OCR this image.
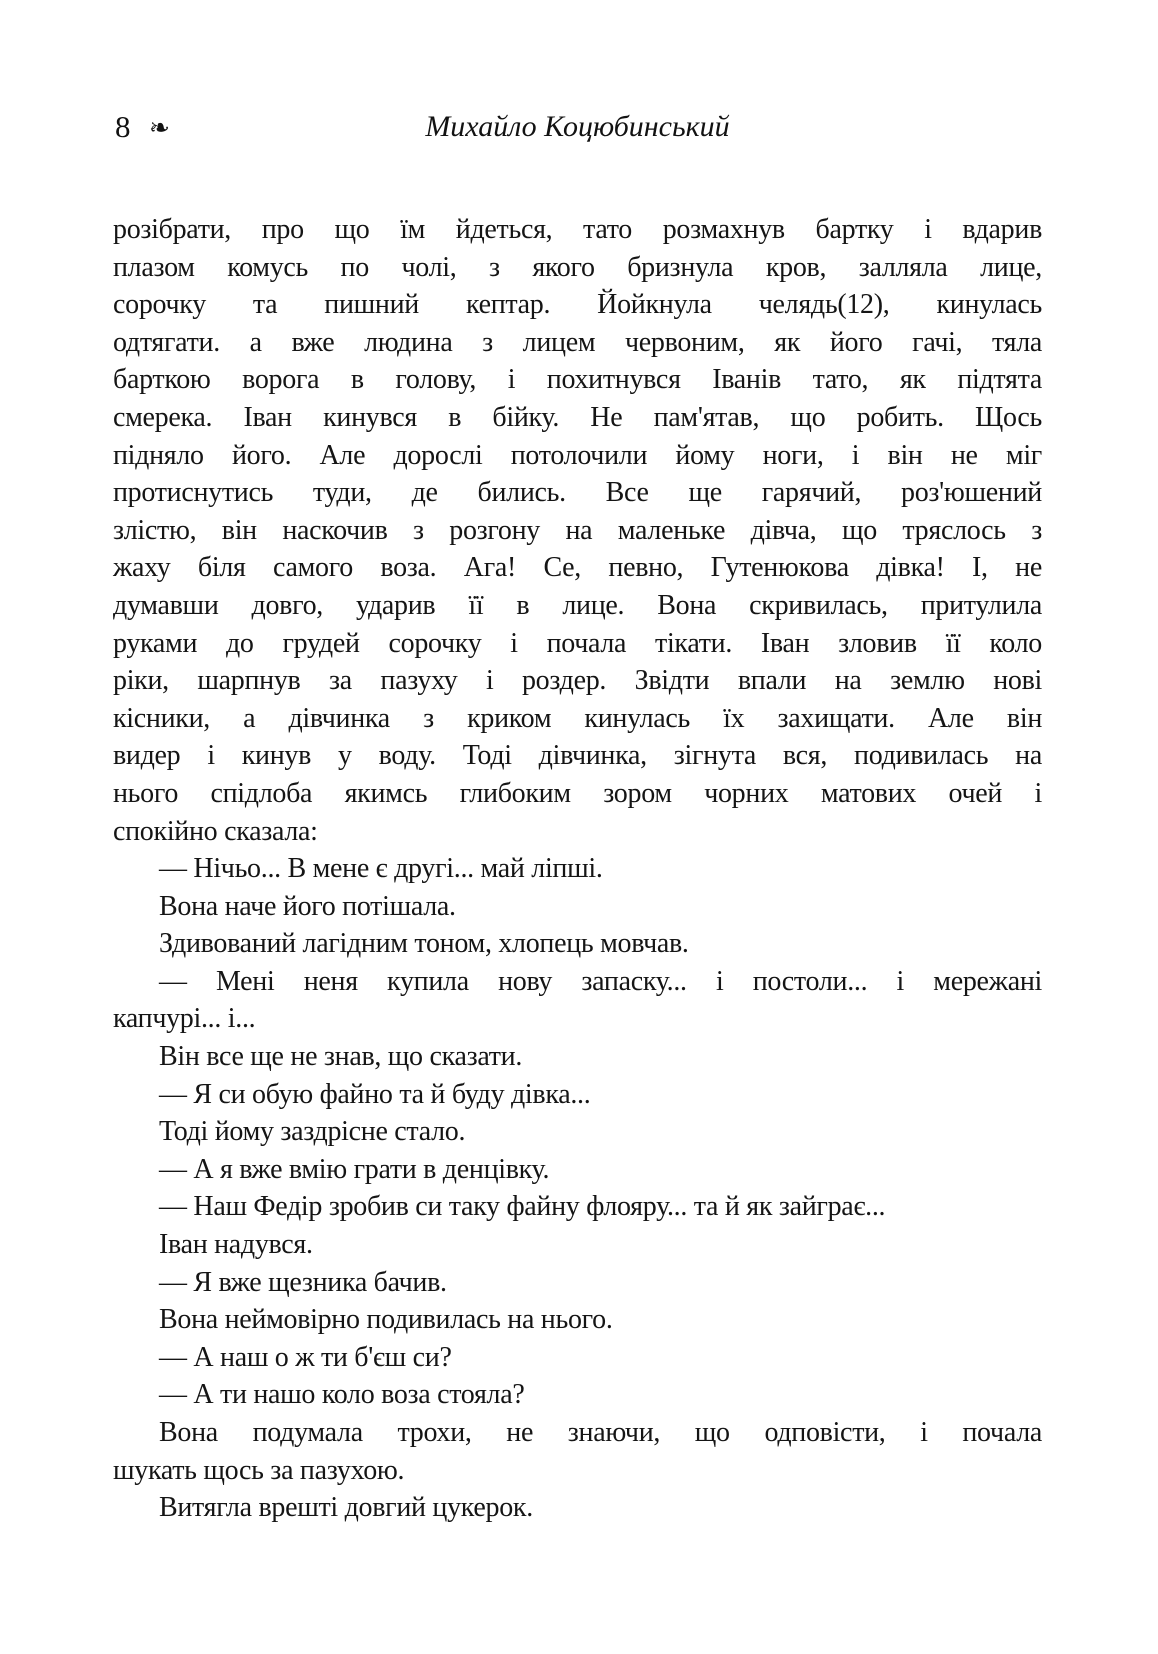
8 ❧	Михайло Коцюбинський
розібрати, про що їм йдеться, тато розмахнув бартку і вдарив
плазом комусь по чолі, з якого бризнула кров, залляла лице,
сорочку та пишний кептар. Йойкнула челядь(12), кинулась
одтягати. а вже людина з лицем червоним, як його гачі, тяла
барткою ворога в голову, і похитнувся Іванів тато, як підтята
смерека. Іван кинувся в бійку. Не пам'ятав, що робить. Щось
підняло його. Але дорослі потолочили йому ноги, і він не міг
протиснутись туди, де бились. Все ще гарячий, роз'юшений
злістю, він наскочив з розгону на маленьке дівча, що тряслось з
жаху біля самого воза. Ага! Се, певно, Гутенюкова дівка! І, не
думавши довго, ударив її в лице. Вона скривилась, притулила
руками до грудей сорочку і почала тікати. Іван зловив її коло
ріки, шарпнув за пазуху і роздер. Звідти впали на землю нові
кісники, а дівчинка з криком кинулась їх захищати. Але він
видер і кинув у воду. Тоді дівчинка, зігнута вся, подивилась на
нього спідлоба якимсь глибоким зором чорних матових очей і
спокійно сказала:
— Нічьо... В мене є другі... май ліпші.
Вона наче його потішала.
Здивований лагідним тоном, хлопець мовчав.
— Мені неня купила нову запаску... і постоли... і мережані
капчурі... і...
Він все ще не знав, що сказати.
— Я си обую файно та й буду дівка...
Тоді йому заздрісне стало.
— А я вже вмію грати в денцівку.
— Наш Федір зробив си таку файну флояру... та й як зайграє...
Іван надувся.
— Я вже щезника бачив.
Вона неймовірно подивилась на нього.
— А наш о ж ти б'єш си?
— А ти нашо коло воза стояла?
Вона подумала трохи, не знаючи, що одповісти, і почала
шукать щось за пазухою.
Витягла врешті довгий цукерок.
